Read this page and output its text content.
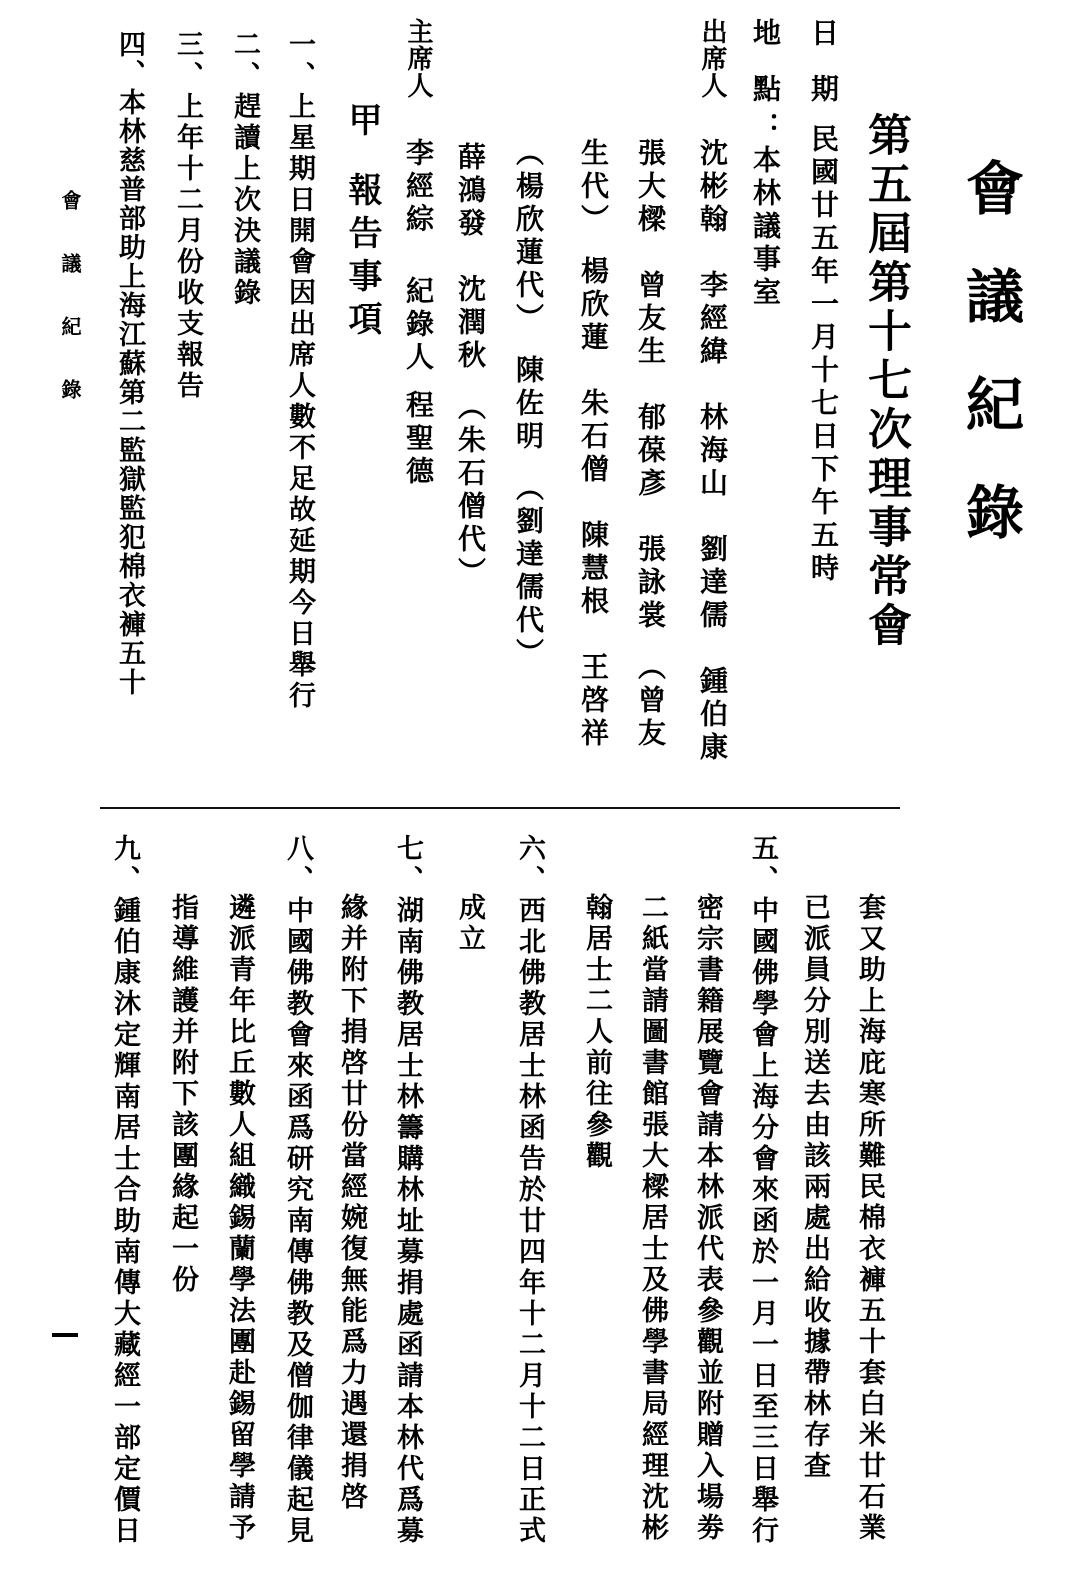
會議紀錄
第五屆第十七次理事常會
日期
民國廿五年一月十七日下午五時
地點
：本林議事室
出席人
沈彬翰　李經緯　林海山　劉達儒　鍾伯康
張大樑　曾友生　郁葆彥　張詠裳　（曾友
生代）　楊欣蓮　朱石僧　陳慧根　王啓祥
（楊欣蓮代）　陳佐明　（劉達儒代）
薛鴻發　沈潤秋　（朱石僧代）
主席人
李經綜
紀錄人
程聖德
甲
報告事項
一、上星期日開會因出席人數不足故延期今日舉行
二、趕讀上次決議錄
三、上年十二月份收支報告
四、本林慈普部助上海江蘇第二監獄監犯棉衣褲五十
會議紀錄
套又助上海庇寒所難民棉衣褲五十套白米廿石業
已派員分別送去由該兩處出給收據帶林存查
五、中國佛學會上海分會來函於一月一日至三日舉行
密宗書籍展覽會請本林派代表參觀並附贈入場劵
二紙當請圖書館張大樑居士及佛學書局經理沈彬
翰居士二人前往參觀
六、西北佛教居士林函告於廿四年十二月十二日正式
成立
七、湖南佛教居士林籌購林址募捐處函請本林代爲募
緣并附下捐啓廿份當經婉復無能爲力遇還捐啓
八、中國佛教會來函爲研究南傳佛教及僧伽律儀起見
遴派青年比丘數人組織錫蘭學法團赴錫留學請予
指導維護并附下該團緣起一份
九、鍾伯康沐定輝南居士合助南傳大藏經一部定價日
